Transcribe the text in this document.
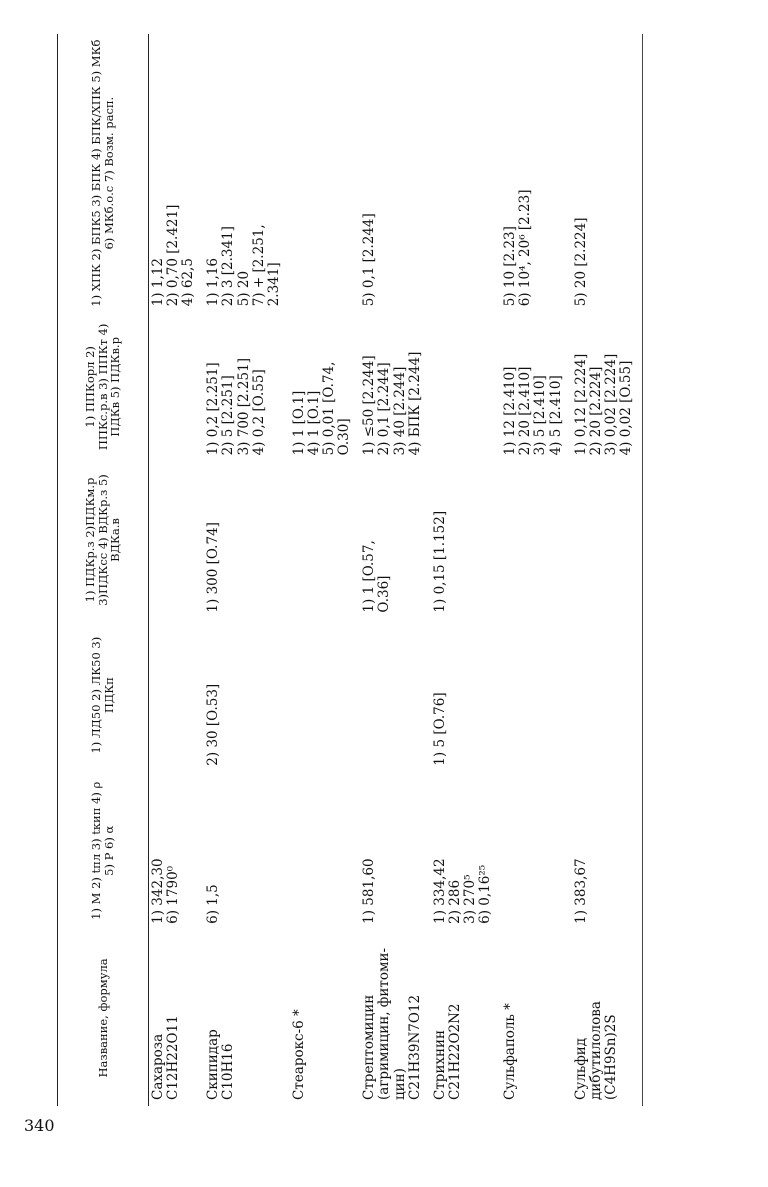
340
Название, формула	1) M 2) tпл 3) tкип 4) ρ 5) P 6) α	1) ЛД50 2) ЛК50 3) ПДКп	1) ПДКр.з 2)ПДКм.р 3)ПДКсс 4) ВДКр.з 5) ВДКа.в	1) ППКорл 2) ППКс.р.в 3) ППКт 4) ПДКв 5) ПДКв.р	1) ХПК 2) БПК5 3) БПК 4) БПК/ХПК 5) МКб 6) МКб.о.с 7) Возм. расп.

Сахароза C12H22O11	1) 342,30 6) 1790⁰				1) 1,12 2) 0,70 [2.421] 4) 62,5

Скипидар C10H16	6) 1,5	2) 30 [O.53]	1) 300 [O.74]	1) 0,2 [2.251] 2) 5 [2.251] 3) 700 [2.251] 4) 0,2 [O.55]	1) 1,16 2) 3 [2.341] 5) 20 7) + [2.251, 2.341]

Стеарокс-6 *				1) 1 [O.1] 4) 1 [O.1] 5) 0,01 [O.74, O.30]	

Стрептомицин (агримицин, фитоми-цин) C21H39N7O12	1) 581,60		1) 1 [O.57, O.36]	1) ≤50 [2.244] 2) 0,1 [2.244] 3) 40 [2.244] 4) БПК [2.244]	5) 0,1 [2.244]

Стрихнин C21H22O2N2	1) 334,42 2) 286 3) 270⁵ 6) 0,16²⁵	1) 5 [O.76]	1) 0,15 [1.152]		

Сульфаполь *				1) 12 [2.410] 2) 20 [2.410] 3) 5 [2.410] 4) 5 [2.410]	5) 10 [2.23] 6) 10⁴, 20⁶ [2.23]

Сульфид дибутилолова (C4H9Sn)2S	1) 383,67			1) 0,12 [2.224] 2) 20 [2.224] 3) 0,02 [2.224] 4) 0,02 [O.55]	5) 20 [2.224]
